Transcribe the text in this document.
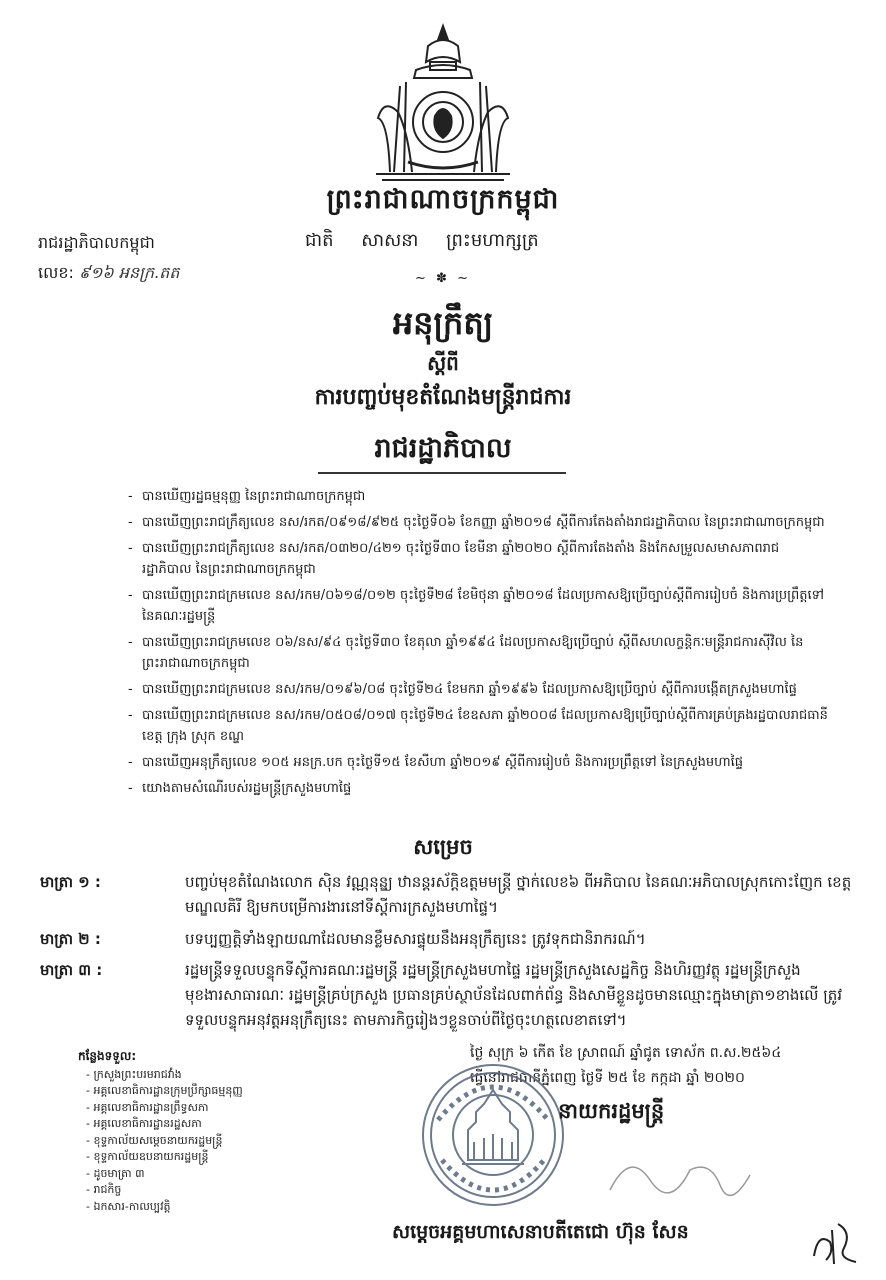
ព្រះរាជាណាចក្រកម្ពុជា
ជាតិ សាសនា ព្រះមហាក្សត្រ
រាជរដ្ឋាភិបាលកម្ពុជា
លេខ: ៩១៦ អនក្រ.តត	~ ✽ ~
អនុក្រឹត្យ
ស្តីពី
ការបញ្ចប់មុខតំណែងមន្ត្រីរាជការ
រាជរដ្ឋាភិបាល
- បានឃើញរដ្ឋធម្មនុញ្ញ នៃព្រះរាជាណាចក្រកម្ពុជា
- បានឃើញព្រះរាជក្រឹត្យលេខ នស/រកត/០៩១៨/៩២៥ ចុះថ្ងៃទី០៦ ខែកញ្ញា ឆ្នាំ២០១៨ ស្តីពីការតែងតាំងរាជរដ្ឋាភិបាល នៃព្រះរាជាណាចក្រកម្ពុជា
- បានឃើញព្រះរាជក្រឹត្យលេខ នស/រកត/០៣២០/៤២១ ចុះថ្ងៃទី៣០ ខែមីនា ឆ្នាំ២០២០ ស្តីពីការតែងតាំង និងកែសម្រួលសមាសភាពរាជរដ្ឋាភិបាល នៃព្រះរាជាណាចក្រកម្ពុជា
- បានឃើញព្រះរាជក្រមលេខ នស/រកម/០៦១៨/០១២ ចុះថ្ងៃទី២៨ ខែមិថុនា ឆ្នាំ២០១៨ ដែលប្រកាសឱ្យប្រើច្បាប់ស្តីពីការរៀបចំ និងការប្រព្រឹត្តទៅ នៃគណៈរដ្ឋមន្ត្រី
- បានឃើញព្រះរាជក្រមលេខ ០៦/នស/៩៤ ចុះថ្ងៃទី៣០ ខែតុលា ឆ្នាំ១៩៩៤ ដែលប្រកាសឱ្យប្រើច្បាប់ ស្តីពីសហលក្ខន្តិកៈមន្ត្រីរាជការស៊ីវិល នៃព្រះរាជាណាចក្រកម្ពុជា
- បានឃើញព្រះរាជក្រមលេខ នស/រកម/០១៩៦/០៨ ចុះថ្ងៃទី២៤ ខែមករា ឆ្នាំ១៩៩៦ ដែលប្រកាសឱ្យប្រើច្បាប់ ស្តីពីការបង្កើតក្រសួងមហាផ្ទៃ
- បានឃើញព្រះរាជក្រមលេខ នស/រកម/០៥០៨/០១៧ ចុះថ្ងៃទី២៤ ខែឧសភា ឆ្នាំ២០០៨ ដែលប្រកាសឱ្យប្រើច្បាប់ស្តីពីការគ្រប់គ្រងរដ្ឋបាលរាជធានី ខេត្ត ក្រុង ស្រុក ខណ្ឌ
- បានឃើញអនុក្រឹត្យលេខ ១០៥ អនក្រ.បក ចុះថ្ងៃទី១៥ ខែសីហា ឆ្នាំ២០១៩ ស្តីពីការរៀបចំ និងការប្រព្រឹត្តទៅ នៃក្រសួងមហាផ្ទៃ
- យោងតាមសំណើរបស់រដ្ឋមន្ត្រីក្រសួងមហាផ្ទៃ
សម្រេច
មាត្រា ១ :	បញ្ចប់មុខតំណែងលោក ស៊ិន វណ្ណនុន្ឌ្យ ឋានន្តរស័ក្តិឧត្តមមន្ត្រី ថ្នាក់លេខ៦ ពីអភិបាល នៃគណៈអភិបាលស្រុកកោះញែក ខេត្តមណ្ឌលគិរី ឱ្យមកបម្រើការងារនៅទីស្តីការក្រសួងមហាផ្ទៃ។
មាត្រា ២ :	បទប្បញ្ញត្តិទាំងឡាយណាដែលមានខ្លឹមសារផ្ទុយនឹងអនុក្រឹត្យនេះ ត្រូវទុកជានិរាករណ៍។
មាត្រា ៣ :	រដ្ឋមន្ត្រីទទួលបន្ទុកទីស្តីការគណៈរដ្ឋមន្ត្រី រដ្ឋមន្ត្រីក្រសួងមហាផ្ទៃ រដ្ឋមន្ត្រីក្រសួងសេដ្ឋកិច្ច និងហិរញ្ញវត្ថុ រដ្ឋមន្ត្រីក្រសួងមុខងារសាធារណៈ រដ្ឋមន្ត្រីគ្រប់ក្រសួង ប្រធានគ្រប់ស្ថាប័នដែលពាក់ព័ន្ធ និងសាមីខ្លួនដូចមានឈ្មោះក្នុងមាត្រា១ខាងលើ ត្រូវទទួលបន្ទុកអនុវត្តអនុក្រឹត្យនេះ តាមភារកិច្ចរៀងៗខ្លួនចាប់ពីថ្ងៃចុះហត្ថលេខាតទៅ។
ថ្ងៃ សុក្រ ៦ កើត ខែ ស្រាពណ៍ ឆ្នាំជូត ទោស័ក ព.ស.២៥៦៤
ធ្វើនៅរាជធានីភ្នំពេញ ថ្ងៃទី ២៥ ខែ កក្កដា ឆ្នាំ ២០២០
កន្លែងទទួល:
- ក្រសួងព្រះបរមរាជវាំង
- អគ្គលេខាធិការដ្ឋានក្រុមប្រឹក្សាធម្មនុញ្ញ
- អគ្គលេខាធិការដ្ឋានព្រឹទ្ធសភា
- អគ្គលេខាធិការដ្ឋានរដ្ឋសភា
- ខុទ្ទកាល័យសម្តេចនាយករដ្ឋមន្ត្រី
- ខុទ្ទកាល័យឧបនាយករដ្ឋមន្ត្រី
- ដូចមាត្រា ៣
- រាជកិច្ច
- ឯកសារ-កាលប្បវត្តិ
នាយករដ្ឋមន្ត្រី
សម្តេចអគ្គមហាសេនាបតីតេជោ ហ៊ុន សែន
